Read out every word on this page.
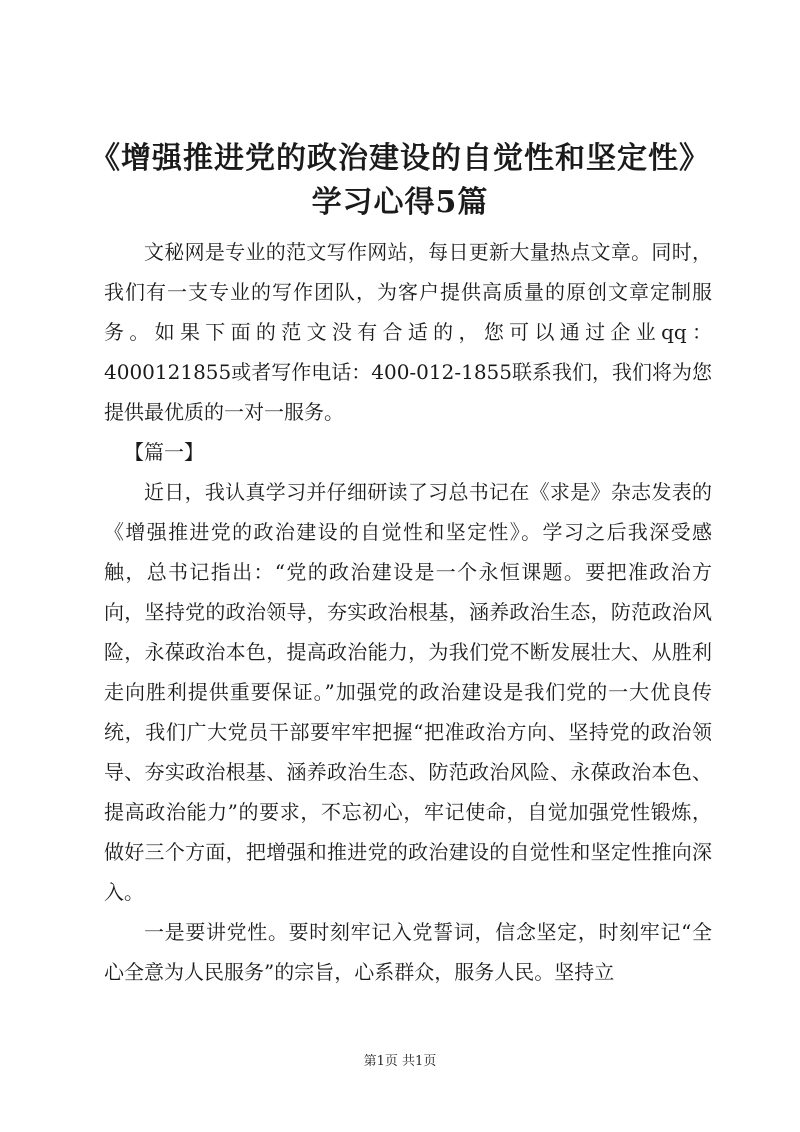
《增强推进党的政治建设的自觉性和坚定性》
学习心得5篇

文秘网是专业的范文写作网站，每日更新大量热点文章。同时，我们有一支专业的写作团队，为客户提供高质量的原创文章定制服务。如果下面的范文没有合适的，您可以通过企业qq：4000121855或者写作电话：400-012-1855联系我们，我们将为您提供最优质的一对一服务。

【篇一】

近日，我认真学习并仔细研读了习总书记在《求是》杂志发表的《增强推进党的政治建设的自觉性和坚定性》。学习之后我深受感触，总书记指出：“党的政治建设是一个永恒课题。要把准政治方向，坚持党的政治领导，夯实政治根基，涵养政治生态，防范政治风险，永葆政治本色，提高政治能力，为我们党不断发展壮大、从胜利走向胜利提供重要保证。”加强党的政治建设是我们党的一大优良传统，我们广大党员干部要牢牢把握“把准政治方向、坚持党的政治领导、夯实政治根基、涵养政治生态、防范政治风险、永葆政治本色、提高政治能力”的要求，不忘初心，牢记使命，自觉加强党性锻炼，做好三个方面，把增强和推进党的政治建设的自觉性和坚定性推向深入。

一是要讲党性。要时刻牢记入党誓词，信念坚定，时刻牢记“全心全意为人民服务”的宗旨，心系群众，服务人民。坚持立

第1页 共1页
